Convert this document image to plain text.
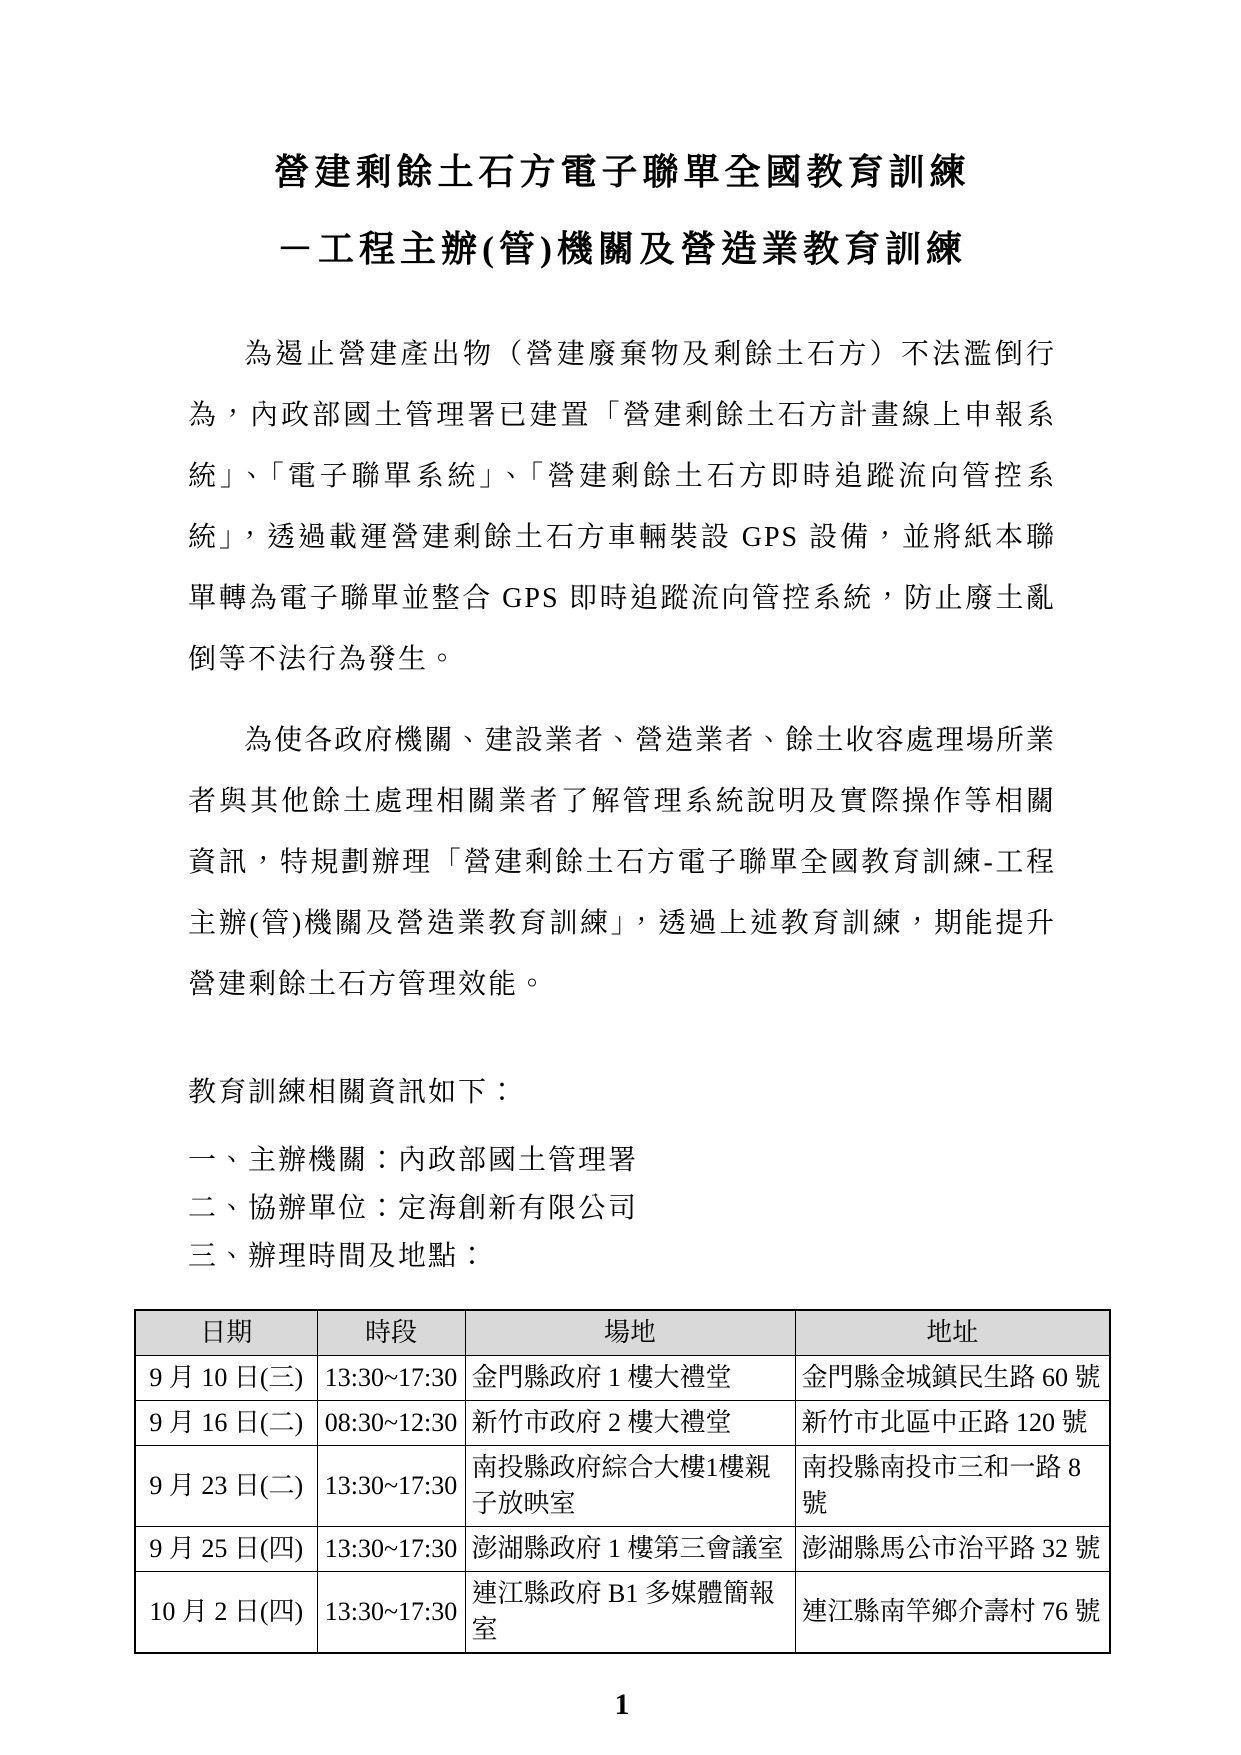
營建剩餘土石方電子聯單全國教育訓練
－工程主辦(管)機關及營造業教育訓練

為遏止營建產出物（營建廢棄物及剩餘土石方）不法濫倒行為，內政部國土管理署已建置「營建剩餘土石方計畫線上申報系統」、「電子聯單系統」、「營建剩餘土石方即時追蹤流向管控系統」，透過載運營建剩餘土石方車輛裝設 GPS 設備，並將紙本聯單轉為電子聯單並整合 GPS 即時追蹤流向管控系統，防止廢土亂倒等不法行為發生。

為使各政府機關、建設業者、營造業者、餘土收容處理場所業者與其他餘土處理相關業者了解管理系統說明及實際操作等相關資訊，特規劃辦理「營建剩餘土石方電子聯單全國教育訓練-工程主辦(管)機關及營造業教育訓練」，透過上述教育訓練，期能提升營建剩餘土石方管理效能。

教育訓練相關資訊如下：
一、主辦機關：內政部國土管理署
二、協辦單位：定海創新有限公司
三、辦理時間及地點：
日期	時段	場地	地址
9 月 10 日(三)	13:30~17:30	金門縣政府 1 樓大禮堂	金門縣金城鎮民生路 60 號
9 月 16 日(二)	08:30~12:30	新竹市政府 2 樓大禮堂	新竹市北區中正路 120 號
9 月 23 日(二)	13:30~17:30	南投縣政府綜合大樓1樓親子放映室	南投縣南投市三和一路 8 號
9 月 25 日(四)	13:30~17:30	澎湖縣政府 1 樓第三會議室	澎湖縣馬公市治平路 32 號
10 月 2 日(四)	13:30~17:30	連江縣政府 B1 多媒體簡報室	連江縣南竿鄉介壽村 76 號
1
